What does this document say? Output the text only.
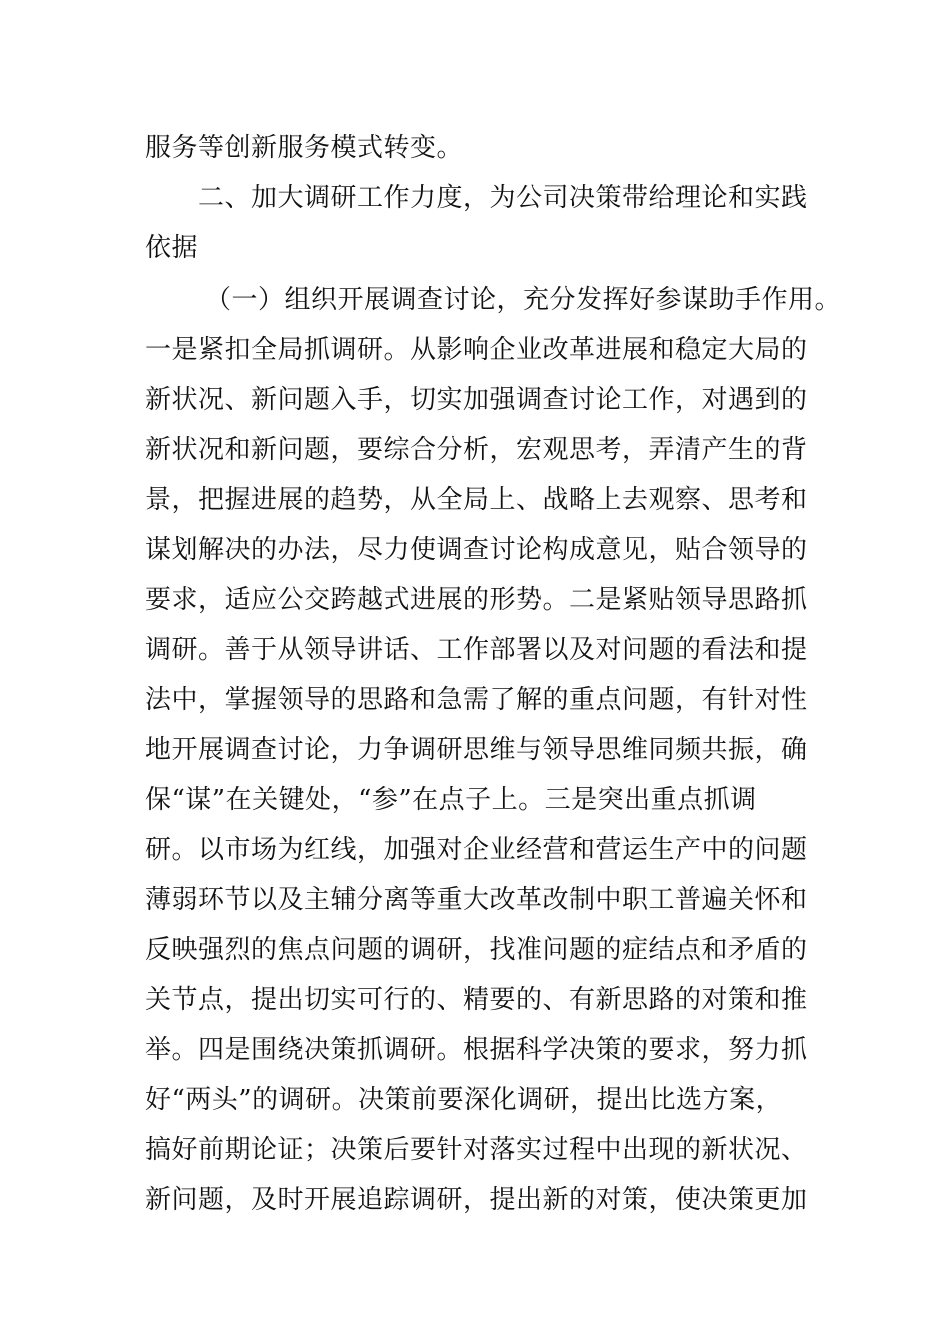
服务等创新服务模式转变。
二、加大调研工作力度，为公司决策带给理论和实践
依据
（一）组织开展调查讨论，充分发挥好参谋助手作用。
一是紧扣全局抓调研。从影响企业改革进展和稳定大局的
新状况、新问题入手，切实加强调查讨论工作，对遇到的
新状况和新问题，要综合分析，宏观思考，弄清产生的背
景，把握进展的趋势，从全局上、战略上去观察、思考和
谋划解决的办法，尽力使调查讨论构成意见，贴合领导的
要求，适应公交跨越式进展的形势。二是紧贴领导思路抓
调研。善于从领导讲话、工作部署以及对问题的看法和提
法中，掌握领导的思路和急需了解的重点问题，有针对性
地开展调查讨论，力争调研思维与领导思维同频共振，确
保“谋”在关键处，“参”在点子上。三是突出重点抓调
研。以市场为红线，加强对企业经营和营运生产中的问题
薄弱环节以及主辅分离等重大改革改制中职工普遍关怀和
反映强烈的焦点问题的调研，找准问题的症结点和矛盾的
关节点，提出切实可行的、精要的、有新思路的对策和推
举。四是围绕决策抓调研。根据科学决策的要求，努力抓
好“两头”的调研。决策前要深化调研，提出比选方案，
搞好前期论证；决策后要针对落实过程中出现的新状况、
新问题，及时开展追踪调研，提出新的对策，使决策更加
